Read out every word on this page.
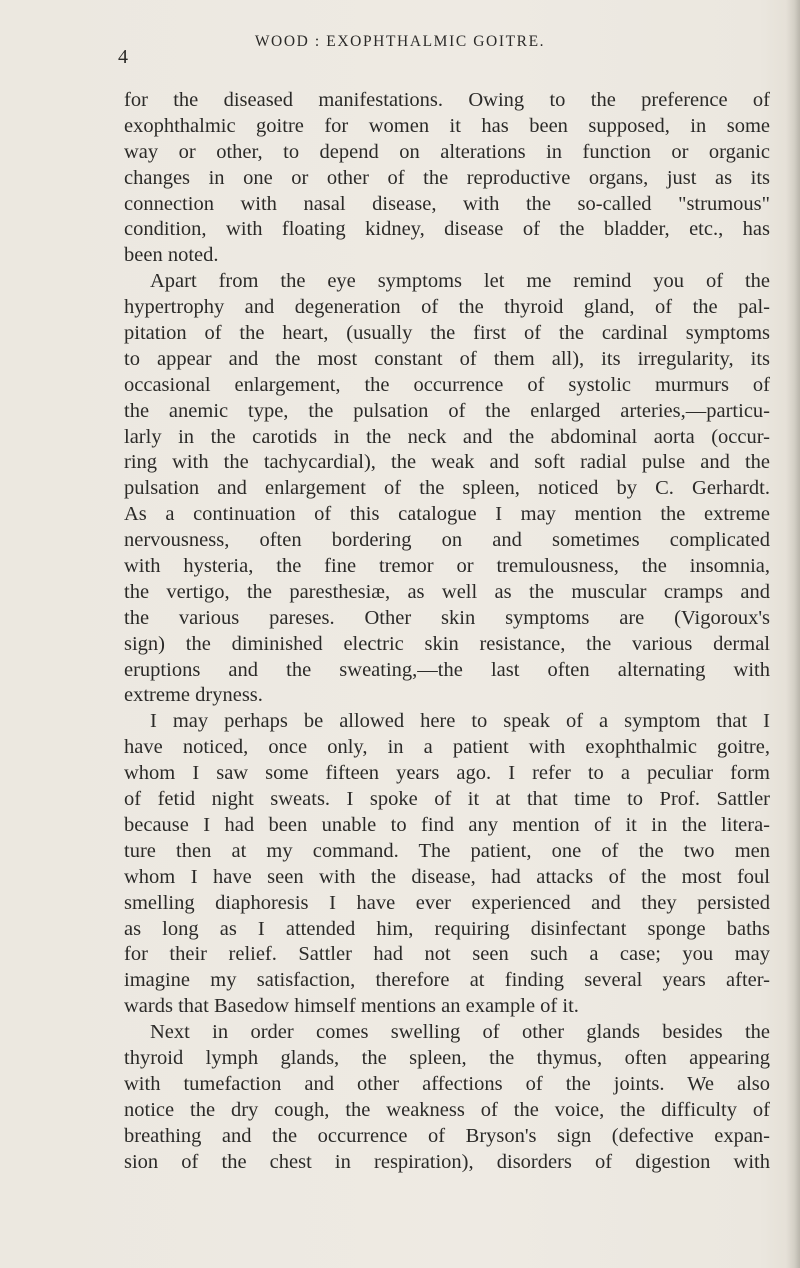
4
WOOD : EXOPHTHALMIC GOITRE.
for the diseased manifestations. Owing to the preference of
exophthalmic goitre for women it has been supposed, in some
way or other, to depend on alterations in function or organic
changes in one or other of the reproductive organs, just as its
connection with nasal disease, with the so-called "strumous"
condition, with floating kidney, disease of the bladder, etc., has
been noted.
Apart from the eye symptoms let me remind you of the
hypertrophy and degeneration of the thyroid gland, of the pal-
pitation of the heart, (usually the first of the cardinal symptoms
to appear and the most constant of them all), its irregularity, its
occasional enlargement, the occurrence of systolic murmurs of
the anemic type, the pulsation of the enlarged arteries,—particu-
larly in the carotids in the neck and the abdominal aorta (occur-
ring with the tachycardial), the weak and soft radial pulse and the
pulsation and enlargement of the spleen, noticed by C. Gerhardt.
As a continuation of this catalogue I may mention the extreme
nervousness, often bordering on and sometimes complicated
with hysteria, the fine tremor or tremulousness, the insomnia,
the vertigo, the paresthesiæ, as well as the muscular cramps and
the various pareses. Other skin symptoms are (Vigoroux's
sign) the diminished electric skin resistance, the various dermal
eruptions and the sweating,—the last often alternating with
extreme dryness.
I may perhaps be allowed here to speak of a symptom that I
have noticed, once only, in a patient with exophthalmic goitre,
whom I saw some fifteen years ago. I refer to a peculiar form
of fetid night sweats. I spoke of it at that time to Prof. Sattler
because I had been unable to find any mention of it in the litera-
ture then at my command. The patient, one of the two men
whom I have seen with the disease, had attacks of the most foul
smelling diaphoresis I have ever experienced and they persisted
as long as I attended him, requiring disinfectant sponge baths
for their relief. Sattler had not seen such a case; you may
imagine my satisfaction, therefore at finding several years after-
wards that Basedow himself mentions an example of it.
Next in order comes swelling of other glands besides the
thyroid lymph glands, the spleen, the thymus, often appearing
with tumefaction and other affections of the joints. We also
notice the dry cough, the weakness of the voice, the difficulty of
breathing and the occurrence of Bryson's sign (defective expan-
sion of the chest in respiration), disorders of digestion with
